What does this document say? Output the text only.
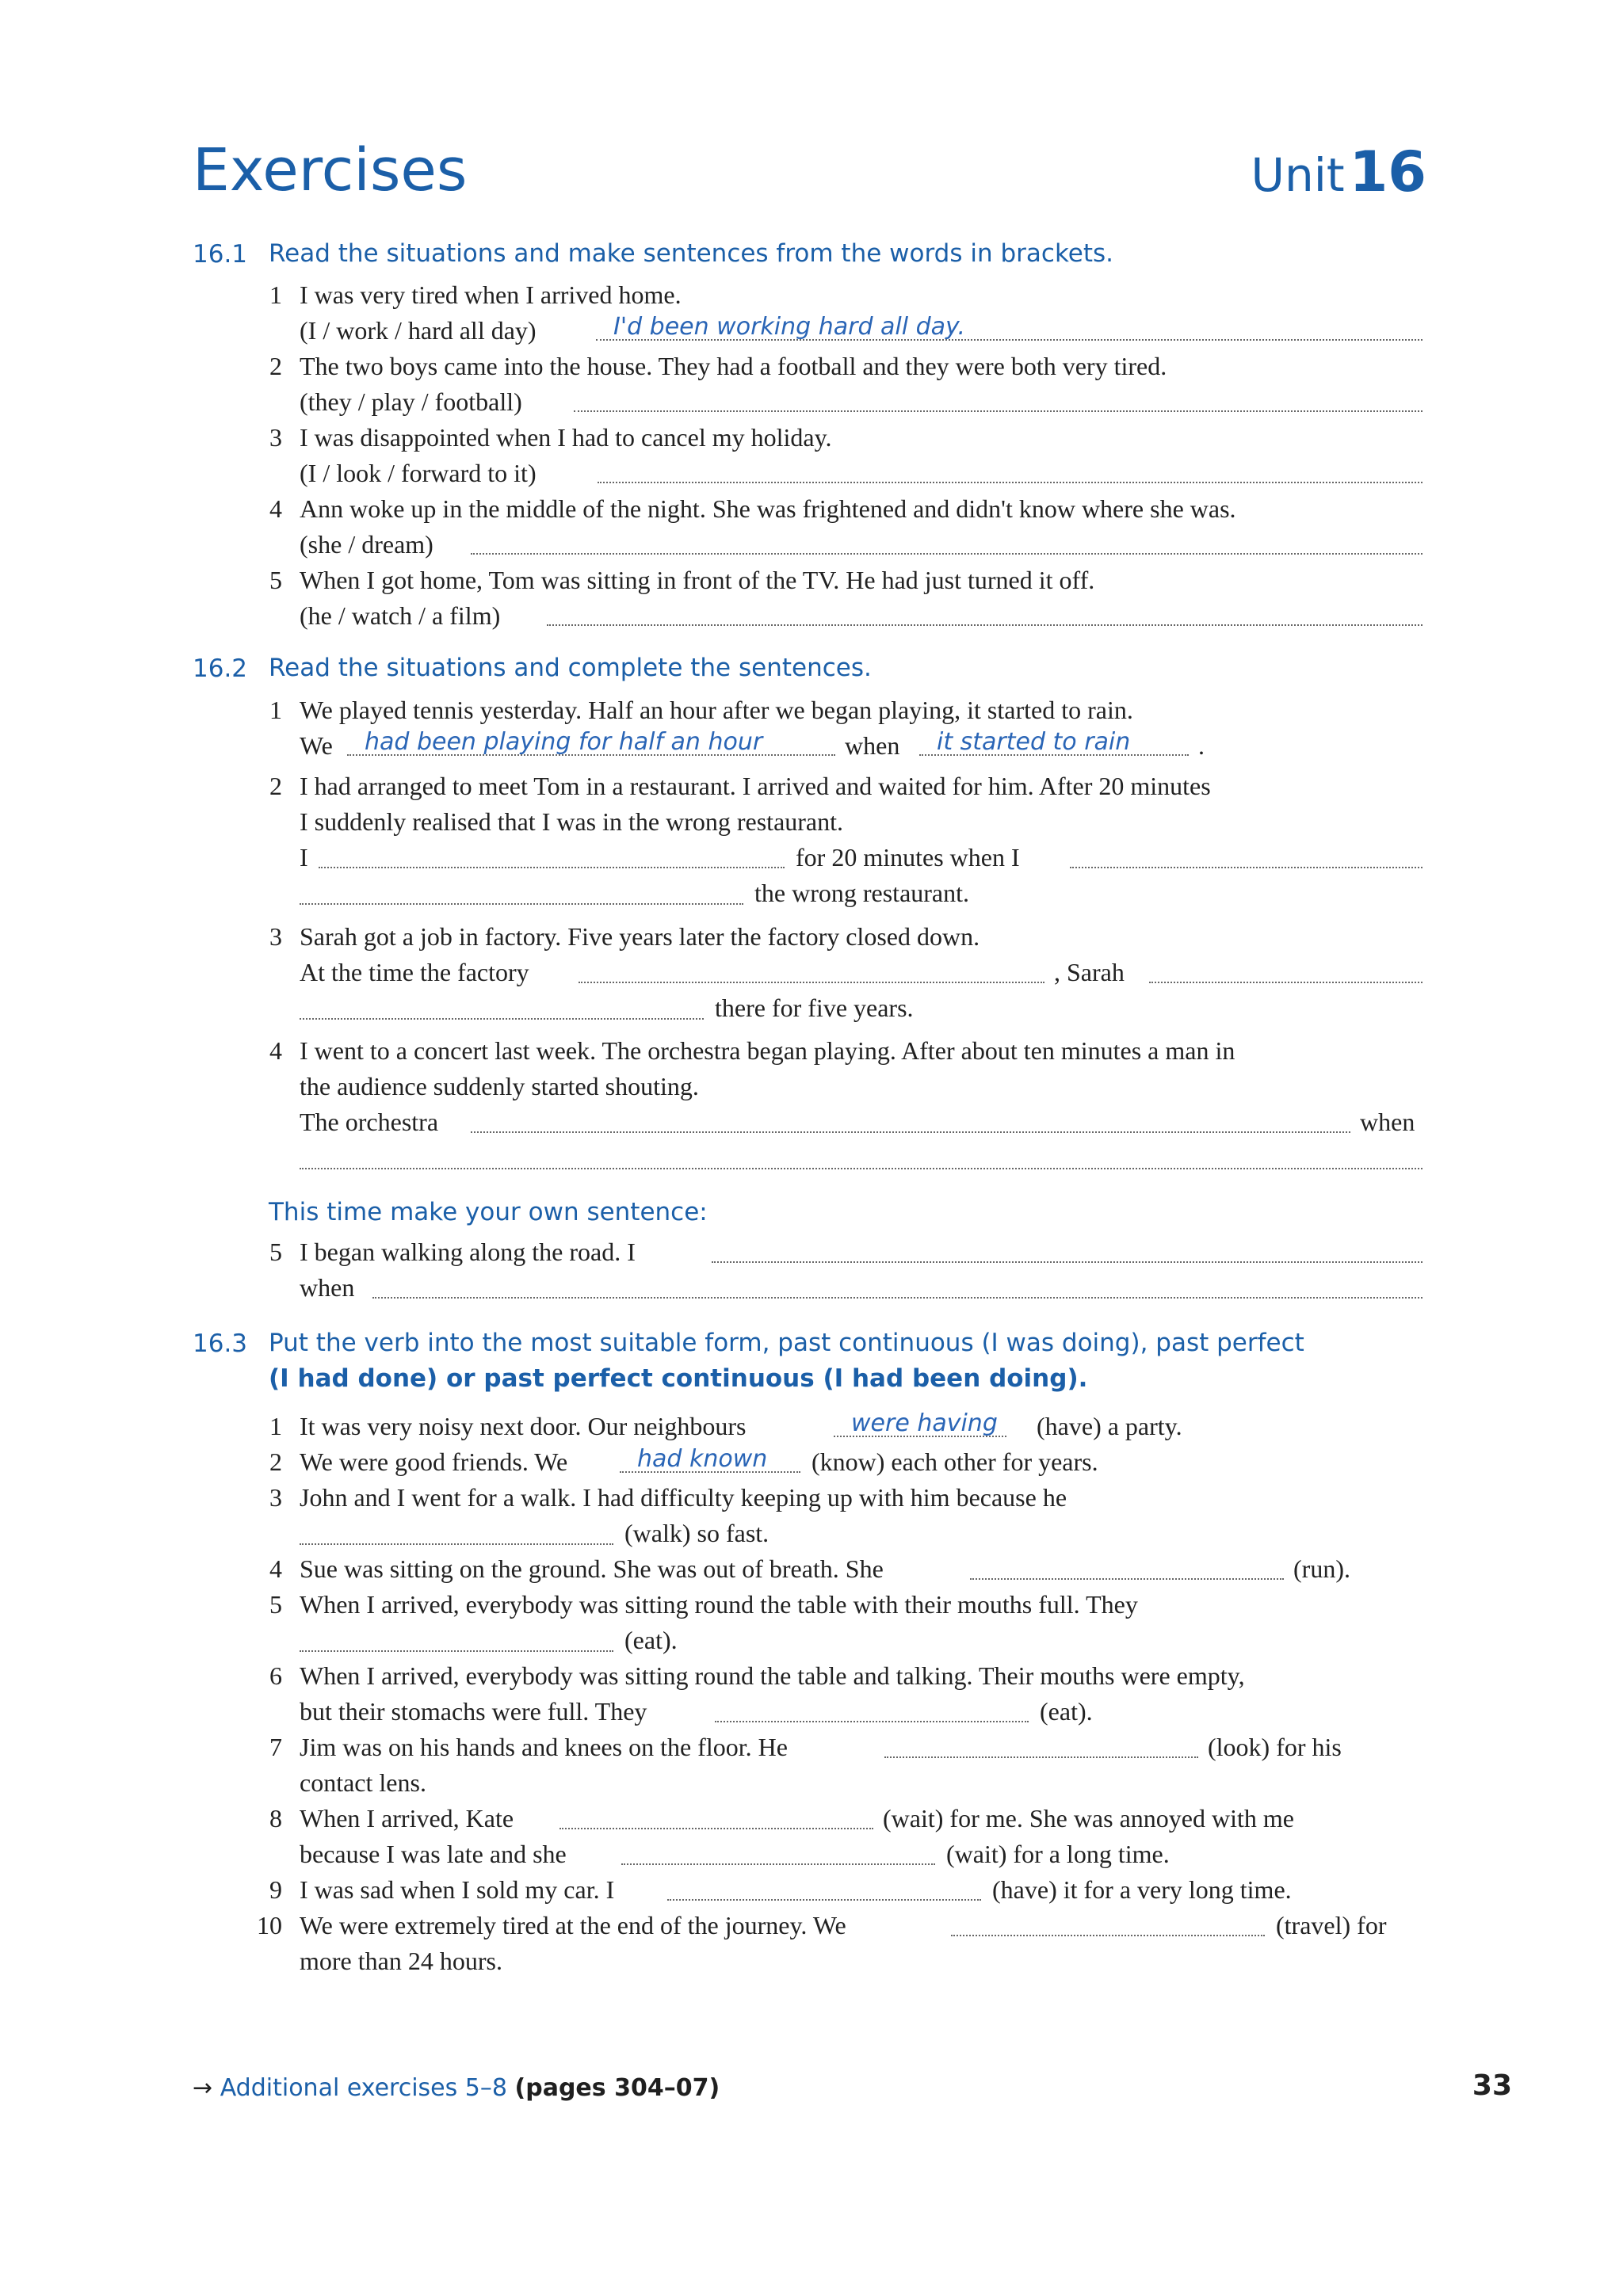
Exercises	Unit16
16.1 Read the situations and make sentences from the words in brackets.
1 I was very tired when I arrived home.
(I / work / hard all day)	I'd been working hard all day.
2 The two boys came into the house. They had a football and they were both very tired.
(they / play / football)
3 I was disappointed when I had to cancel my holiday.
(I / look / forward to it)
4 Ann woke up in the middle of the night. She was frightened and didn't know where she was.
(she / dream)
5 When I got home, Tom was sitting in front of the TV. He had just turned it off.
(he / watch / a film)
16.2 Read the situations and complete the sentences.
1 We played tennis yesterday. Half an hour after we began playing, it started to rain.
We had been playing for half an hour	when it started to rain	.
2 I had arranged to meet Tom in a restaurant. I arrived and waited for him. After 20 minutes
I suddenly realised that I was in the wrong restaurant.
I	for 20 minutes when I
the wrong restaurant.
3 Sarah got a job in factory. Five years later the factory closed down.
At the time the factory	, Sarah
there for five years.
4 I went to a concert last week. The orchestra began playing. After about ten minutes a man in
the audience suddenly started shouting.
The orchestra	when
This time make your own sentence:
5 I began walking along the road. I
when
16.3 Put the verb into the most suitable form, past continuous (I was doing), past perfect
(I had done) or past perfect continuous (I had been doing).
1 It was very noisy next door. Our neighbours	were having (have) a party.
2 We were good friends. We	had known (know) each other for years.
3 John and I went for a walk. I had difficulty keeping up with him because he
(walk) so fast.
4 Sue was sitting on the ground. She was out of breath. She	(run).
5 When I arrived, everybody was sitting round the table with their mouths full. They
(eat).
6 When I arrived, everybody was sitting round the table and talking. Their mouths were empty,
but their stomachs were full. They	(eat).
7 Jim was on his hands and knees on the floor. He	(look) for his
contact lens.
8 When I arrived, Kate	(wait) for me. She was annoyed with me
because I was late and she	(wait) for a long time.
9 I was sad when I sold my car. I	(have) it for a very long time.
10 We were extremely tired at the end of the journey. We	(travel) for
more than 24 hours.
→ Additional exercises 5–8 (pages 304–07)	33
